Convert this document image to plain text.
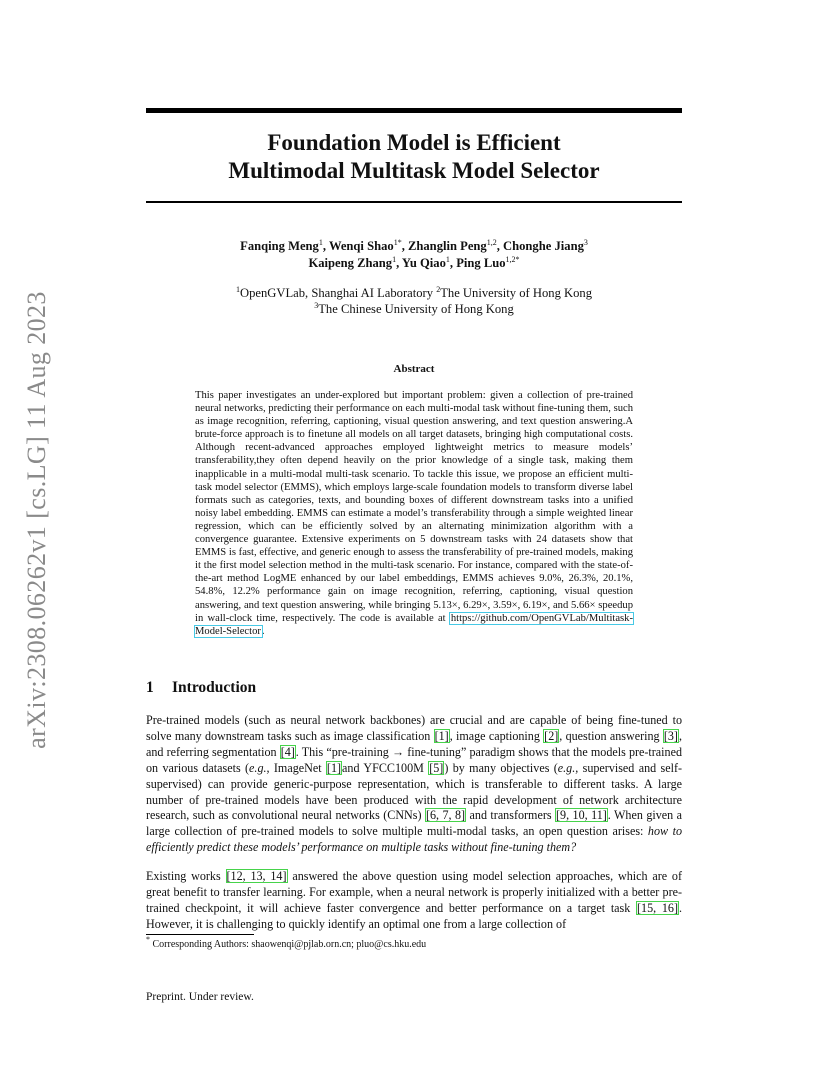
arXiv:2308.06262v1 [cs.LG] 11 Aug 2023
Foundation Model is Efficient
Multimodal Multitask Model Selector
Fanqing Meng$^1$, Wenqi Shao$^{1*}$, Zhanglin Peng$^{1,2}$, Chonghe Jiang$^3$
Kaipeng Zhang$^1$, Yu Qiao$^1$, Ping Luo$^{1,2*}$
$^1$OpenGVLab, Shanghai AI Laboratory $^2$The University of Hong Kong
$^3$The Chinese University of Hong Kong
Abstract

This paper investigates an under-explored but important problem: given a collection of pre-trained neural networks, predicting their performance on each multi-modal task without fine-tuning them, such as image recognition, referring, captioning, visual question answering, and text question answering.A brute-force approach is to finetune all models on all target datasets, bringing high computational costs. Although recent-advanced approaches employed lightweight metrics to measure models’ transferability,they often depend heavily on the prior knowledge of a single task, making them inapplicable in a multi-modal multi-task scenario. To tackle this issue, we propose an efficient multi-task model selector (EMMS), which employs large-scale foundation models to transform diverse label formats such as categories, texts, and bounding boxes of different downstream tasks into a unified noisy label embedding. EMMS can estimate a model’s transferability through a simple weighted linear regression, which can be efficiently solved by an alternating minimization algorithm with a convergence guarantee. Extensive experiments on 5 downstream tasks with 24 datasets show that EMMS is fast, effective, and generic enough to assess the transferability of pre-trained models, making it the first model selection method in the multi-task scenario. For instance, compared with the state-of-the-art method LogME enhanced by our label embeddings, EMMS achieves 9.0%, 26.3%, 20.1%, 54.8%, 12.2% performance gain on image recognition, referring, captioning, visual question answering, and text question answering, while bringing 5.13×, 6.29×, 3.59×, 6.19×, and 5.66× speedup in wall-clock time, respectively. The code is available at https://github.com/OpenGVLab/Multitask-Model-Selector.

1 Introduction

Pre-trained models (such as neural network backbones) are crucial and are capable of being fine-tuned to solve many downstream tasks such as image classification [1], image captioning [2], question answering [3], and referring segmentation [4]. This “pre-training → fine-tuning” paradigm shows that the models pre-trained on various datasets (e.g., ImageNet [1]and YFCC100M [5]) by many objectives (e.g., supervised and self-supervised) can provide generic-purpose representation, which is transferable to different tasks. A large number of pre-trained models have been produced with the rapid development of network architecture research, such as convolutional neural networks (CNNs) [6, 7, 8] and transformers [9, 10, 11]. When given a large collection of pre-trained models to solve multiple multi-modal tasks, an open question arises: how to efficiently predict these models’ performance on multiple tasks without fine-tuning them?

Existing works [12, 13, 14] answered the above question using model selection approaches, which are of great benefit to transfer learning. For example, when a neural network is properly initialized with a better pre-trained checkpoint, it will achieve faster convergence and better performance on a target task [15, 16]. However, it is challenging to quickly identify an optimal one from a large collection of

* Corresponding Authors: shaowenqi@pjlab.orn.cn; pluo@cs.hku.edu
Preprint. Under review.
